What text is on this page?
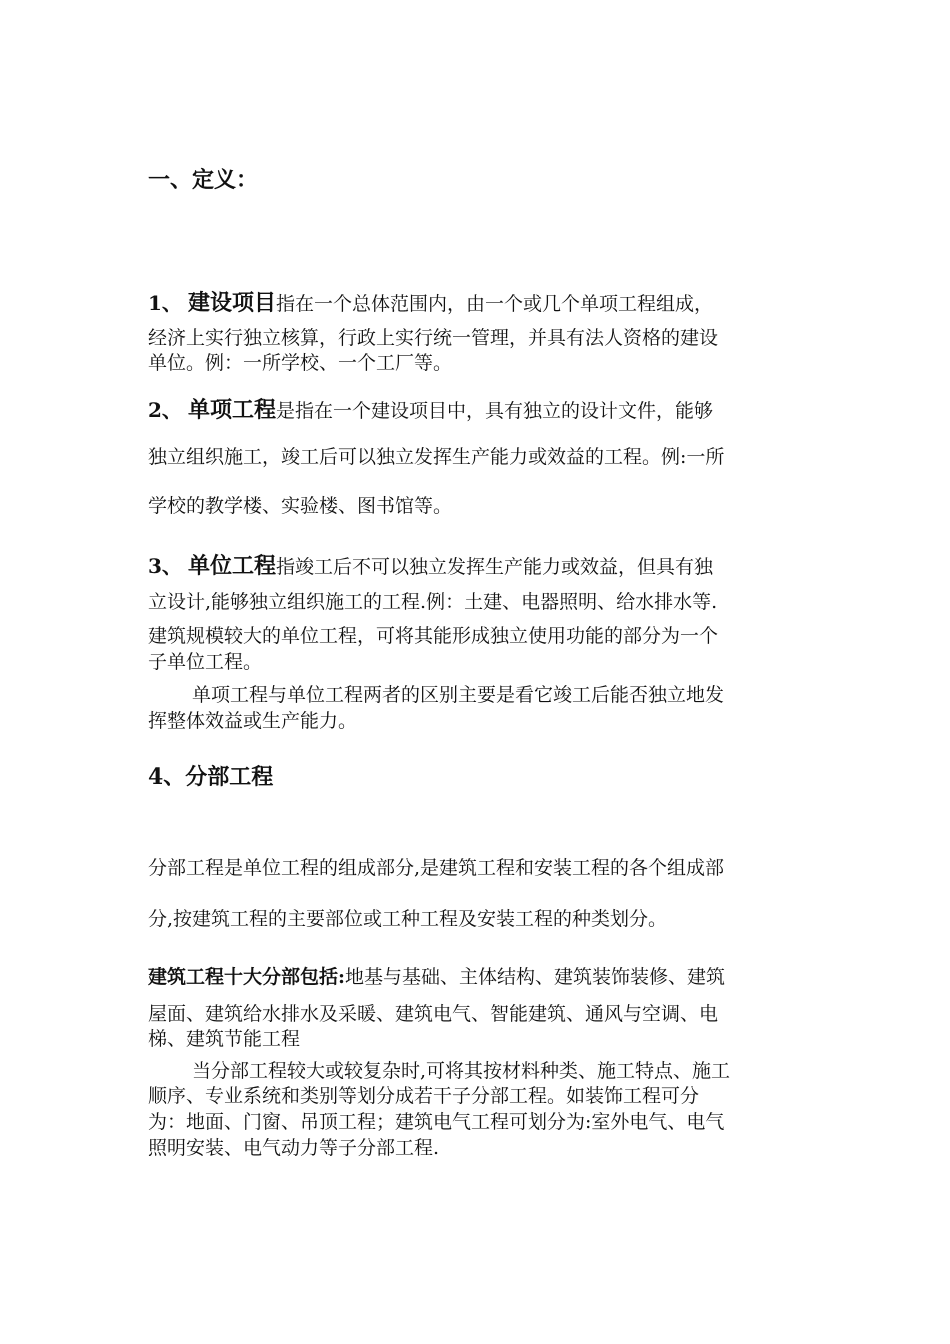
一、定义：
1、 建设项目指在一个总体范围内，由一个或几个单项工程组成，
经济上实行独立核算，行政上实行统一管理，并具有法人资格的建设
单位。例：一所学校、一个工厂等。
2、 单项工程是指在一个建设项目中，具有独立的设计文件，能够
独立组织施工，竣工后可以独立发挥生产能力或效益的工程。例:一所
学校的教学楼、实验楼、图书馆等。
3、 单位工程指竣工后不可以独立发挥生产能力或效益，但具有独
立设计,能够独立组织施工的工程.例：土建、电器照明、给水排水等.
建筑规模较大的单位工程，可将其能形成独立使用功能的部分为一个
子单位工程。
单项工程与单位工程两者的区别主要是看它竣工后能否独立地发
挥整体效益或生产能力。
4、分部工程
分部工程是单位工程的组成部分,是建筑工程和安装工程的各个组成部
分,按建筑工程的主要部位或工种工程及安装工程的种类划分。
建筑工程十大分部包括:地基与基础、主体结构、建筑装饰装修、建筑
屋面、建筑给水排水及采暖、建筑电气、智能建筑、通风与空调、电
梯、建筑节能工程
当分部工程较大或较复杂时,可将其按材料种类、施工特点、施工
顺序、专业系统和类别等划分成若干子分部工程。如装饰工程可分
为：地面、门窗、吊顶工程；建筑电气工程可划分为:室外电气、电气
照明安装、电气动力等子分部工程.
